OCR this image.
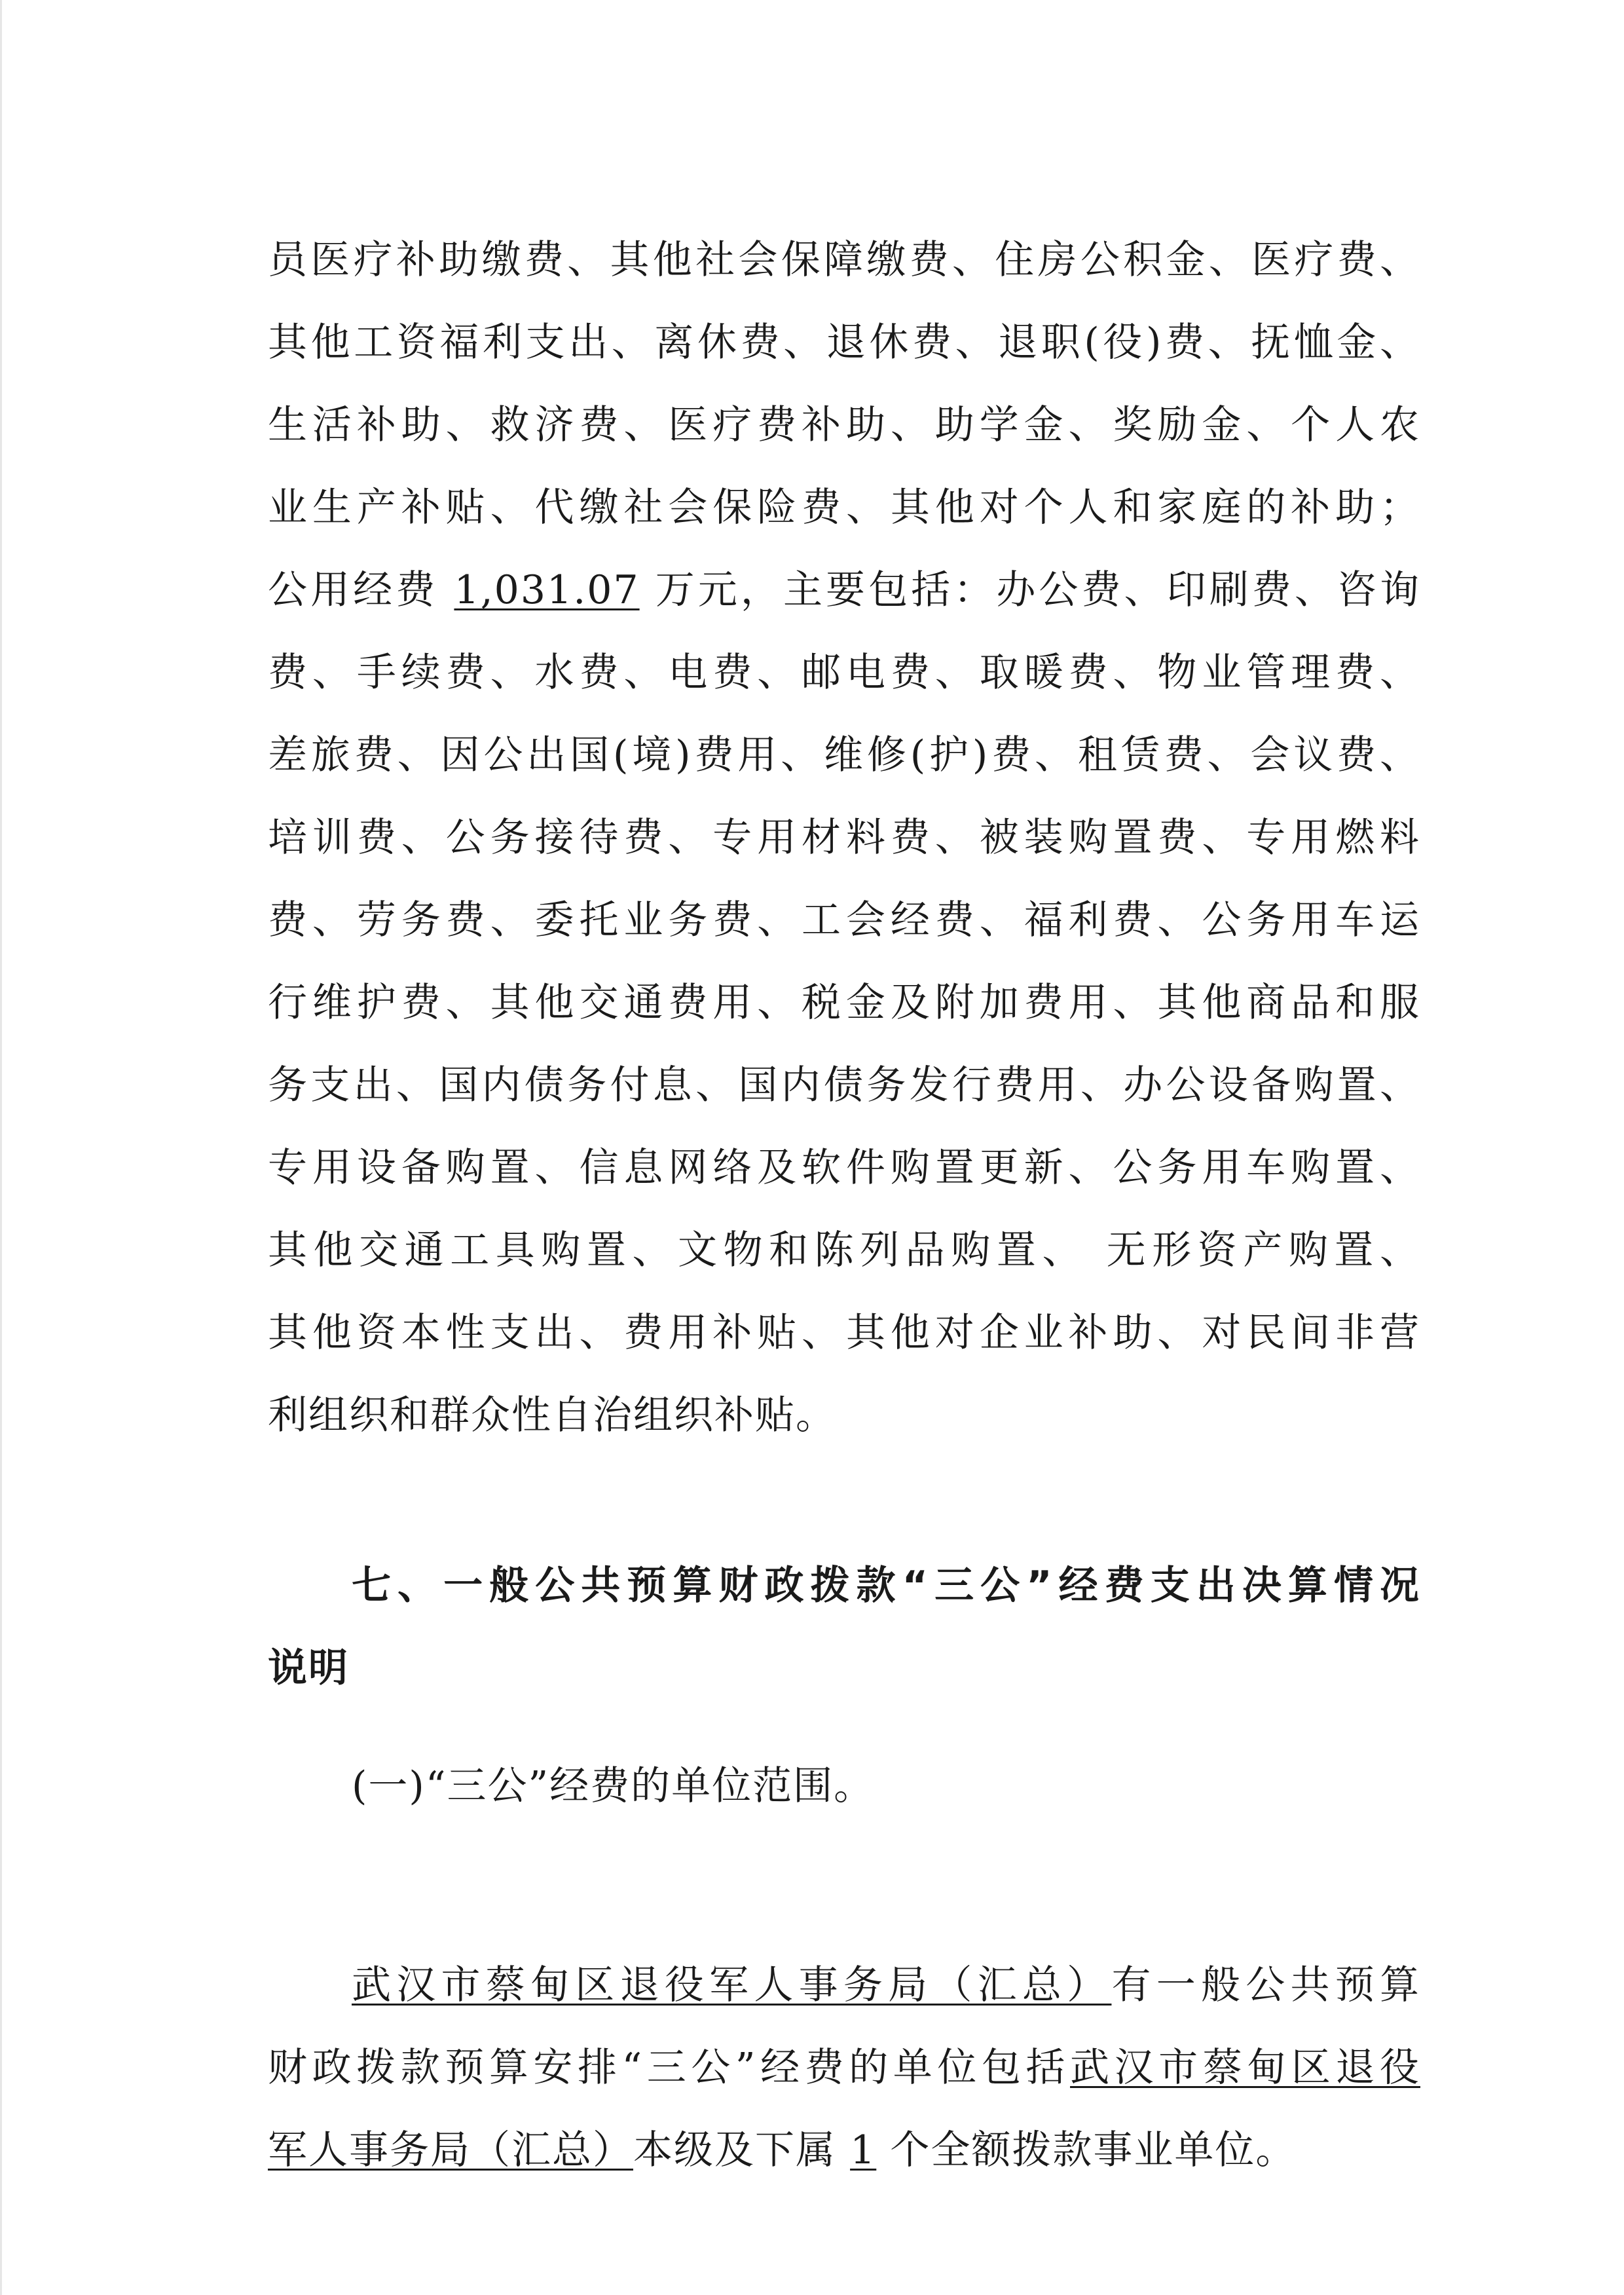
员医疗补助缴费、其他社会保障缴费、住房公积金、医疗费、
其他工资福利支出、离休费、退休费、退职(役)费、抚恤金、
生活补助、救济费、医疗费补助、助学金、奖励金、个人农
业生产补贴、代缴社会保险费、其他对个人和家庭的补助；
公用经费 1,031.07 万元，主要包括：办公费、印刷费、咨询
费、手续费、水费、电费、邮电费、取暖费、物业管理费、
差旅费、因公出国(境)费用、维修(护)费、租赁费、会议费、
培训费、公务接待费、专用材料费、被装购置费、专用燃料
费、劳务费、委托业务费、工会经费、福利费、公务用车运
行维护费、其他交通费用、税金及附加费用、其他商品和服
务支出、国内债务付息、国内债务发行费用、办公设备购置、
专用设备购置、信息网络及软件购置更新、公务用车购置、
其他交通工具购置、文物和陈列品购置、 无形资产购置、
其他资本性支出、费用补贴、其他对企业补助、对民间非营
利组织和群众性自治组织补贴。
七、一般公共预算财政拨款“三公”经费支出决算情况
说明
(一)“三公”经费的单位范围。
武汉市蔡甸区退役军人事务局（汇总）有一般公共预算
财政拨款预算安排“三公”经费的单位包括武汉市蔡甸区退役
军人事务局（汇总）本级及下属 1 个全额拨款事业单位。
